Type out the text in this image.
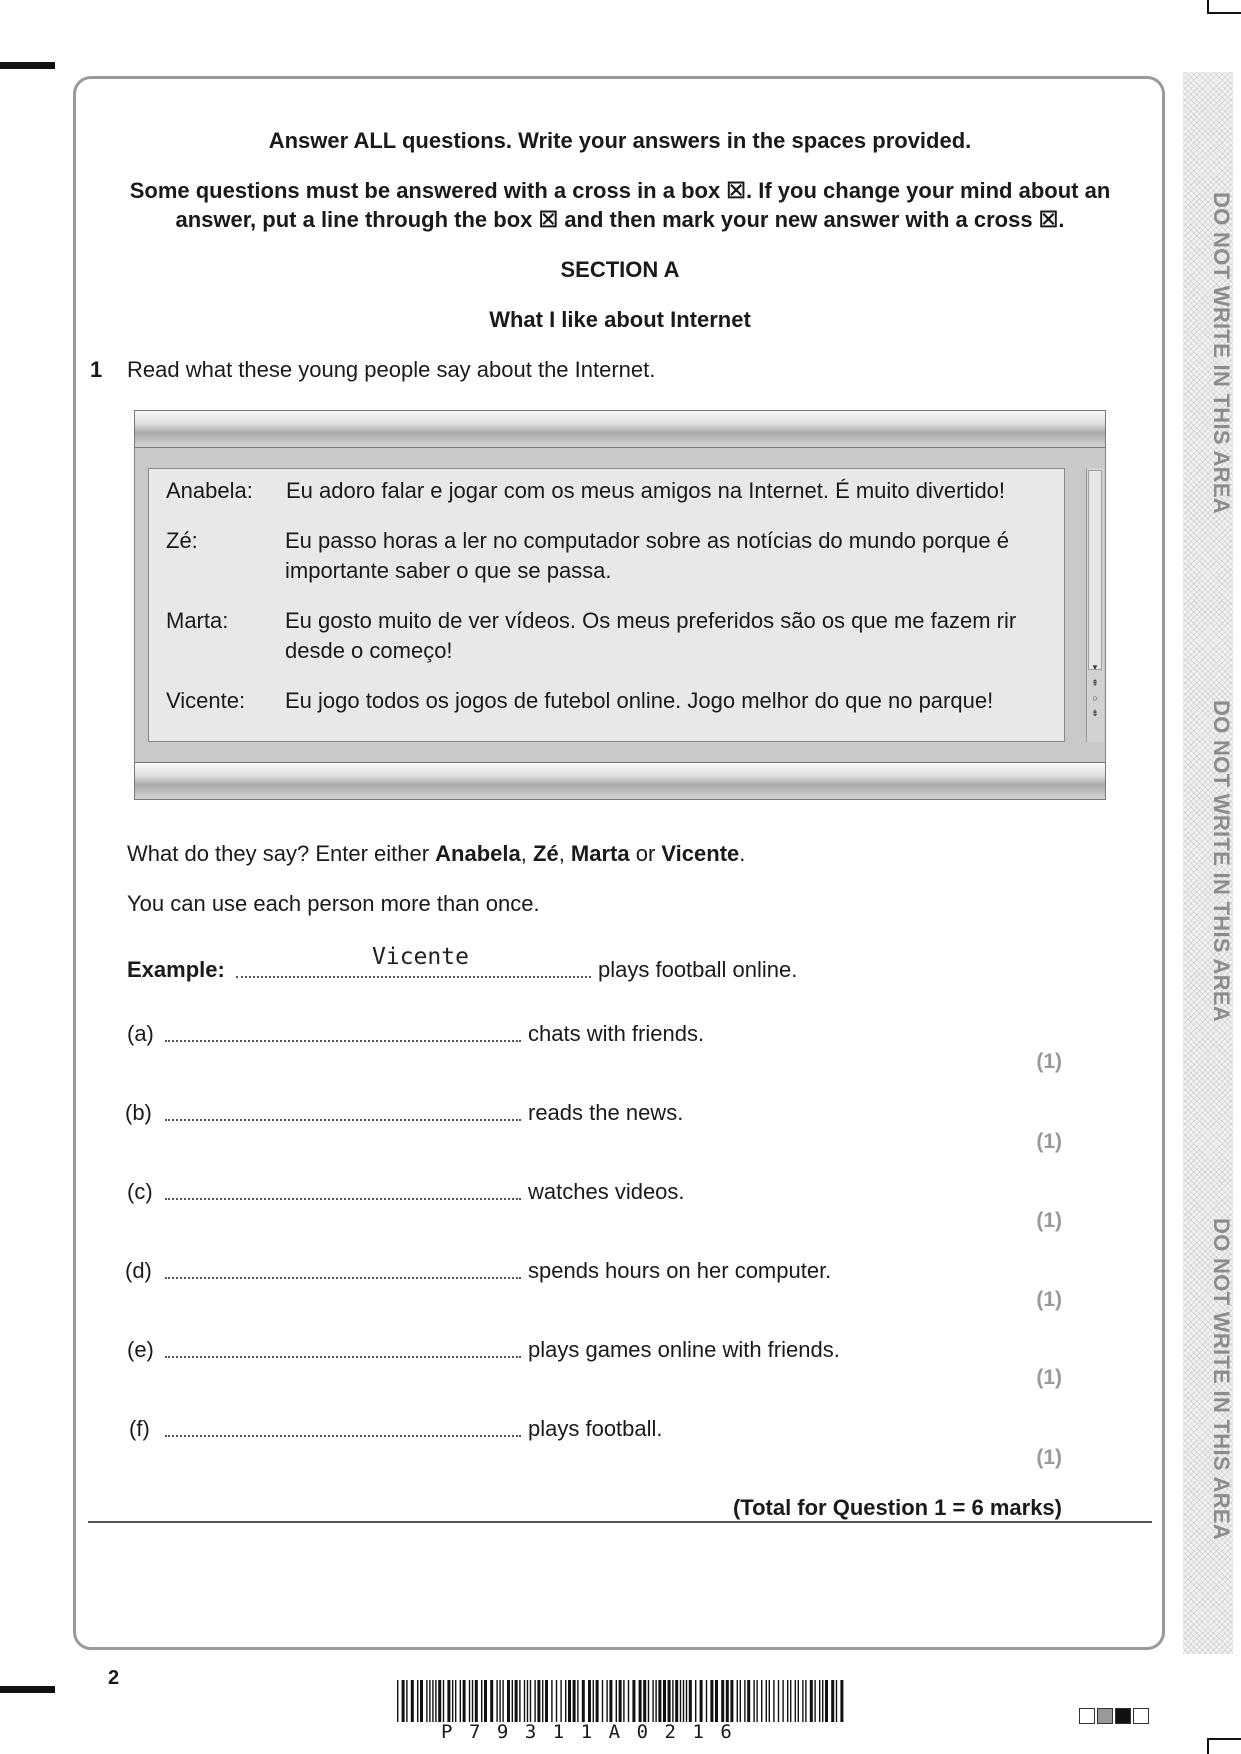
DO NOT WRITE IN THIS AREA
DO NOT WRITE IN THIS AREA
DO NOT WRITE IN THIS AREA
Answer ALL questions. Write your answers in the spaces provided.
Some questions must be answered with a cross in a box ☒. If you change your mind about an
answer, put a line through the box ☒ and then mark your new answer with a cross ☒.
SECTION A
What I like about Internet
1 Read what these young people say about the Internet.
▾
⇞
○
⇟
Anabela: Eu adoro falar e jogar com os meus amigos na Internet. É muito divertido!
Zé:	Eu passo horas a ler no computador sobre as notícias do mundo porque é
importante saber o que se passa.
Marta:	Eu gosto muito de ver vídeos. Os meus preferidos são os que me fazem rir
desde o começo!
Vicente: Eu jogo todos os jogos de futebol online. Jogo melhor do que no parque!
What do they say? Enter either Anabela, Zé, Marta or Vicente.
You can use each person more than once.
Example:	Vicente	plays football online.
(a)	chats with friends.
(1)
(b)	reads the news.
(1)
(c)	watches videos.
(1)
(d)	spends hours on her computer.
(1)
(e)	plays games online with friends.
(1)
(f)	plays football.
(1)
(Total for Question 1 = 6 marks)
2
P79311A0216
